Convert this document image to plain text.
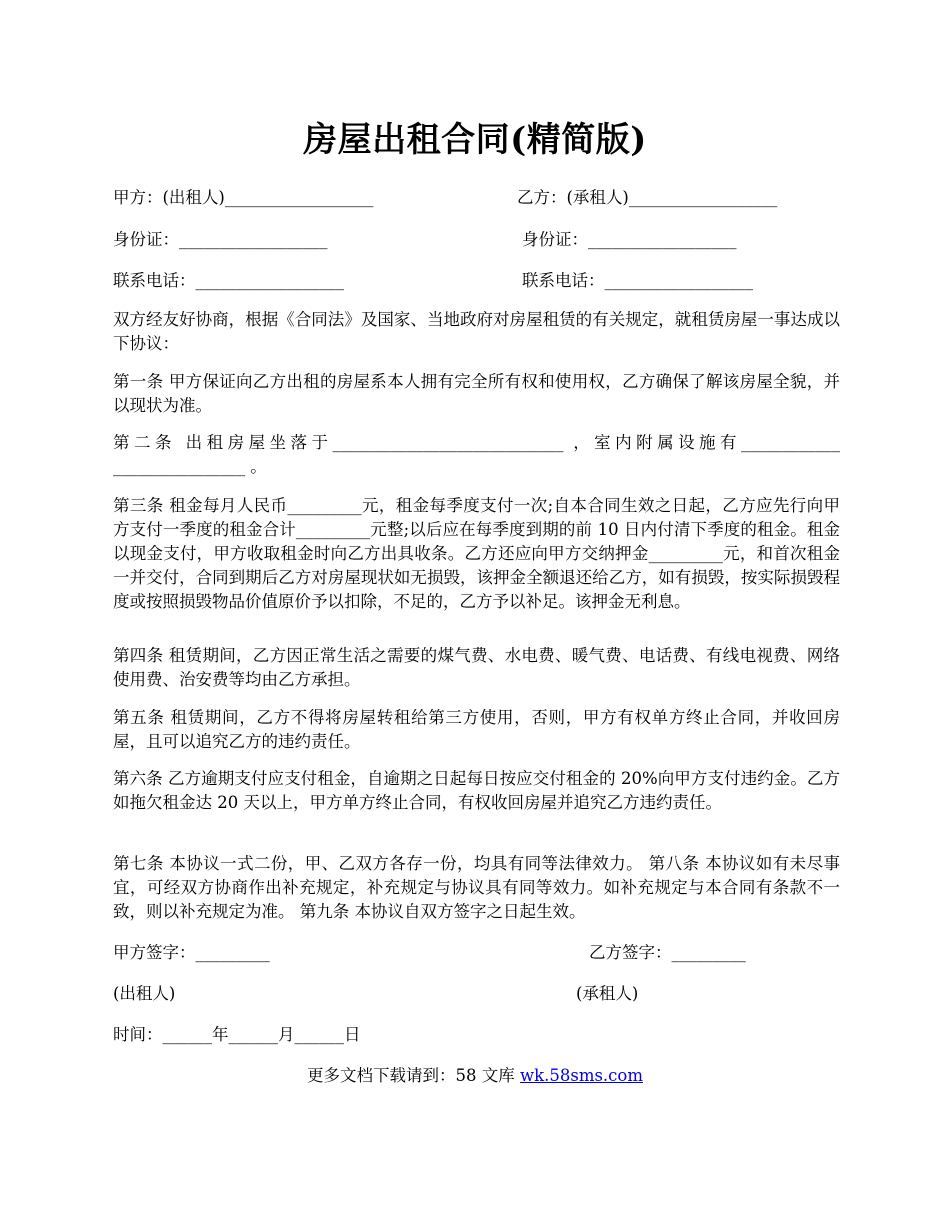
房屋出租合同(精简版)
甲方：(出租人)__________________	乙方：(承租人)__________________
身份证：__________________	身份证：__________________
联系电话：__________________	联系电话：__________________
双方经友好协商，根据《合同法》及国家、当地政府对房屋租赁的有关规定，就租赁房屋一事达成以下协议：
第一条 甲方保证向乙方出租的房屋系本人拥有完全所有权和使用权，乙方确保了解该房屋全貌，并以现状为准。
第二条 出租房屋坐落于____________________________ ，室内附属设施有____________ ________________ 。
第三条 租金每月人民币_________元，租金每季度支付一次;自本合同生效之日起，乙方应先行向甲方支付一季度的租金合计_________元整;以后应在每季度到期的前 10 日内付清下季度的租金。租金以现金支付，甲方收取租金时向乙方出具收条。乙方还应向甲方交纳押金_________元，和首次租金一并交付，合同到期后乙方对房屋现状如无损毁，该押金全额退还给乙方，如有损毁，按实际损毁程度或按照损毁物品价值原价予以扣除，不足的，乙方予以补足。该押金无利息。
第四条 租赁期间，乙方因正常生活之需要的煤气费、水电费、暖气费、电话费、有线电视费、网络使用费、治安费等均由乙方承担。
第五条 租赁期间，乙方不得将房屋转租给第三方使用，否则，甲方有权单方终止合同，并收回房屋，且可以追究乙方的违约责任。
第六条 乙方逾期支付应支付租金，自逾期之日起每日按应交付租金的 20%向甲方支付违约金。乙方如拖欠租金达 20 天以上，甲方单方终止合同，有权收回房屋并追究乙方违约责任。
第七条 本协议一式二份，甲、乙双方各存一份，均具有同等法律效力。 第八条 本协议如有未尽事宜，可经双方协商作出补充规定，补充规定与协议具有同等效力。如补充规定与本合同有条款不一致，则以补充规定为准。 第九条 本协议自双方签字之日起生效。
甲方签字：_________	乙方签字：_________
(出租人)	(承租人)
时间：______年______月______日
更多文档下载请到：58 文库 wk.58sms.com
